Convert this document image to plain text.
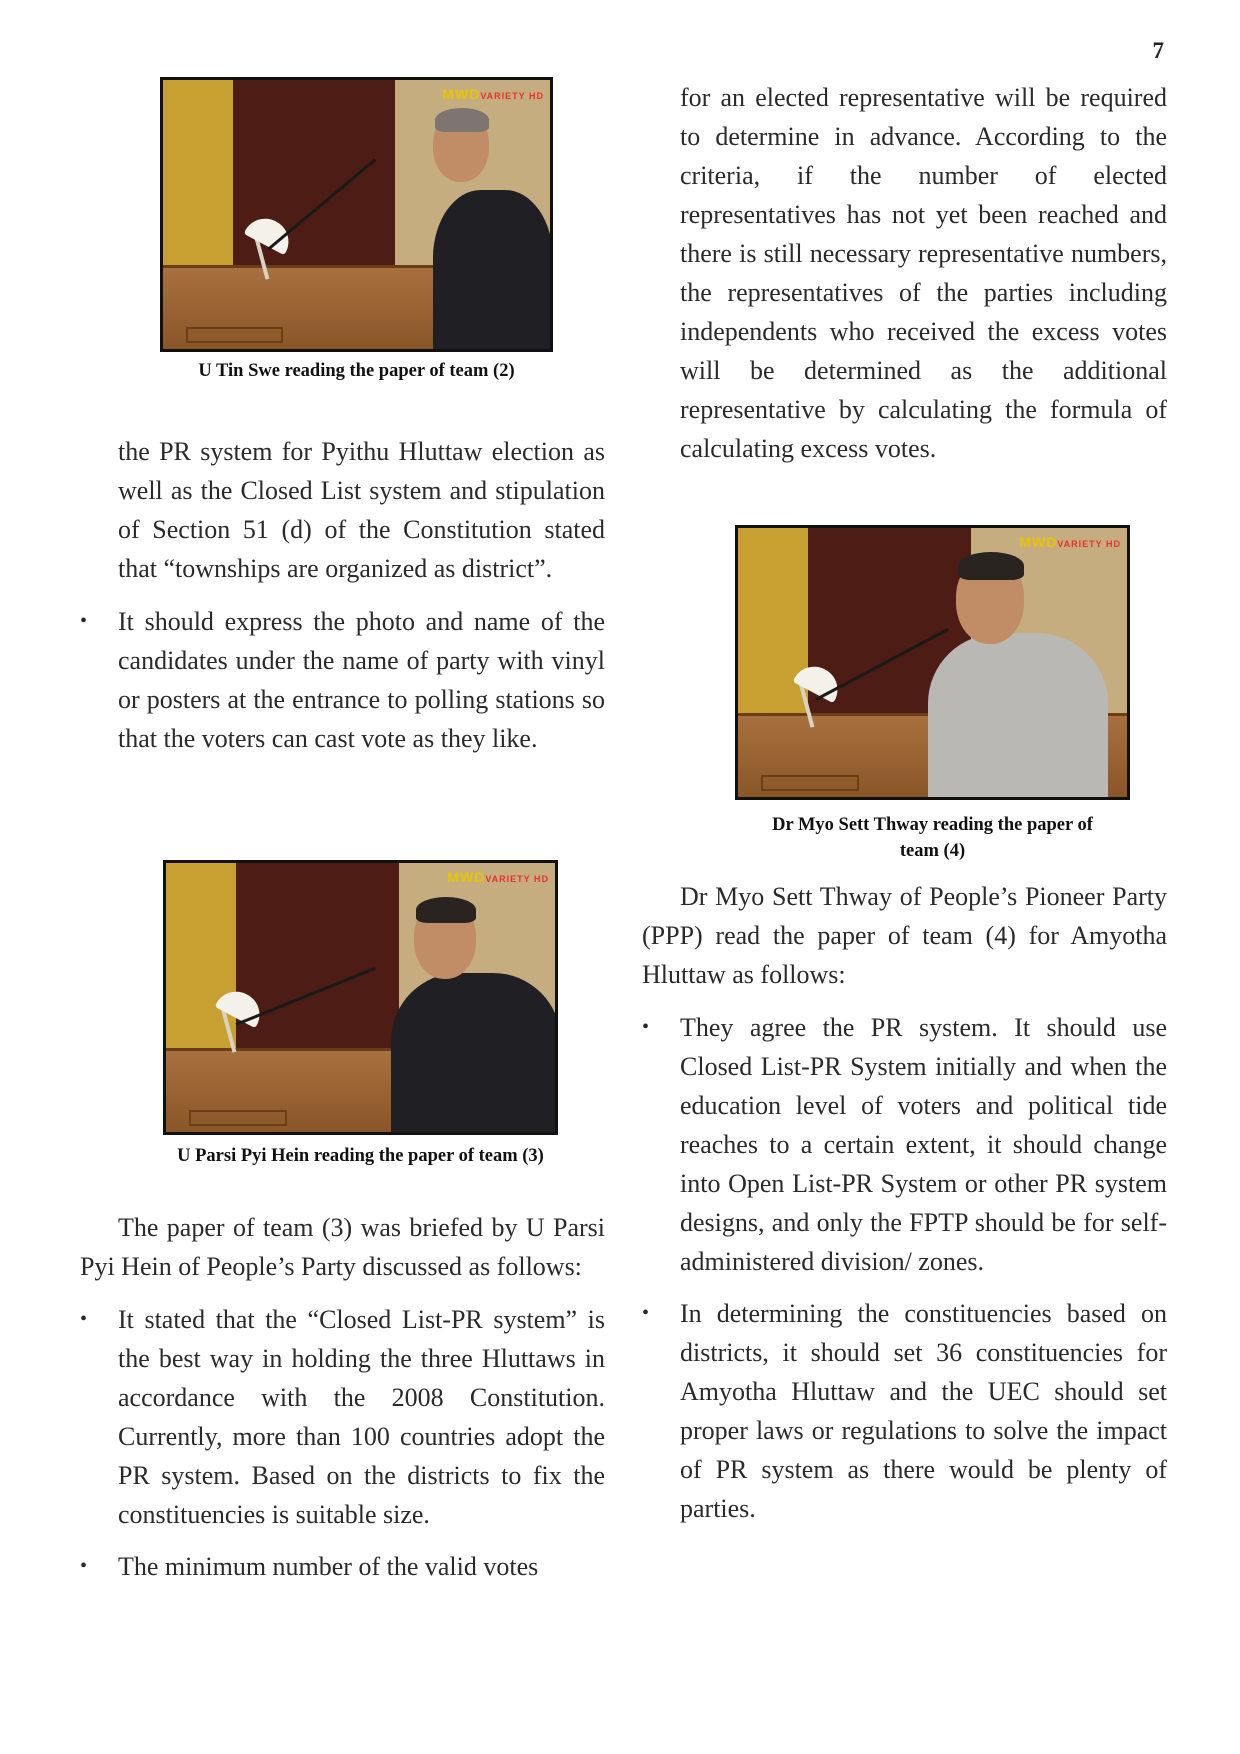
7
MWDVARIETY HD
U Tin Swe reading the paper of team (2)

the PR system for Pyithu Hluttaw election as well as the Closed List system and stipulation of Section 51 (d) of the Constitution stated that “townships are organized as district”.

• It should express the photo and name of the candidates under the name of party with vinyl or posters at the entrance to polling stations so that the voters can cast vote as they like.
MWDVARIETY HD
U Parsi Pyi Hein reading the paper of team (3)

The paper of team (3) was briefed by U Parsi Pyi Hein of People’s Party discussed as follows:

• It stated that the “Closed List-PR system” is the best way in holding the three Hluttaws in accordance with the 2008 Constitution. Currently, more than 100 countries adopt the PR system. Based on the districts to fix the constituencies is suitable size.
• The minimum number of the valid votes

for an elected representative will be required to determine in advance. According to the criteria, if the number of elected representatives has not yet been reached and there is still necessary representative numbers, the representatives of the parties including independents who received the excess votes will be determined as the additional representative by calculating the formula of calculating excess votes.

MWDVARIETY HD
Dr Myo Sett Thway reading the paper of
team (4)

Dr Myo Sett Thway of People’s Pioneer Party (PPP) read the paper of team (4) for Amyotha Hluttaw as follows:

• They agree the PR system. It should use Closed List-PR System initially and when the education level of voters and political tide reaches to a certain extent, it should change into Open List-PR System or other PR system designs, and only the FPTP should be for self-administered division/ zones.
• In determining the constituencies based on districts, it should set 36 constituencies for Amyotha Hluttaw and the UEC should set proper laws or regulations to solve the impact of PR system as there would be plenty of parties.
